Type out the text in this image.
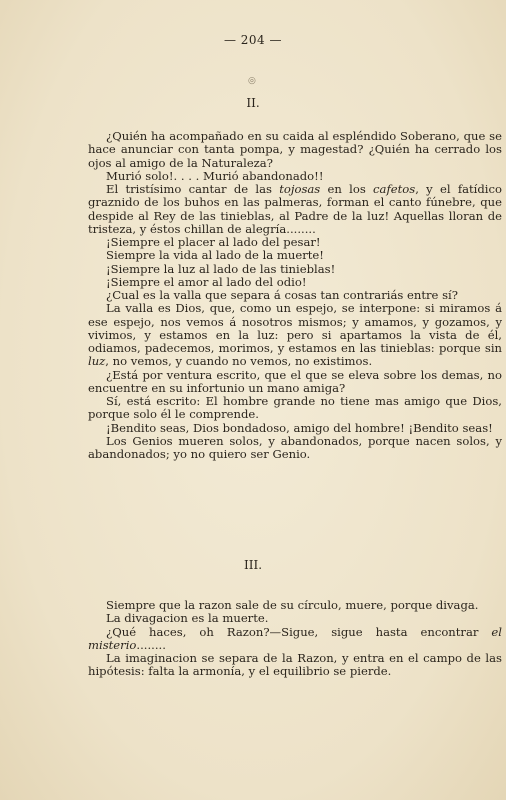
— 204 —
◎
II.

¿Quién ha acompañado en su caida al espléndido Soberano, que se hace anunciar con tanta pompa, y magestad? ¿Quién ha cerrado los ojos al amigo de la Naturaleza?

Murió solo!. . . . Murió abandonado!!

El tristísimo cantar de las tojosas en los cafetos, y el fatídico graznido de los buhos en las palmeras, forman el canto fúnebre, que despide al Rey de las tinieblas, al Padre de la luz! Aquellas lloran de tristeza, y éstos chillan de alegría........

¡Siempre el placer al lado del pesar!

Siempre la vida al lado de la muerte!

¡Siempre la luz al lado de las tinieblas!

¡Siempre el amor al lado del odio!

¿Cual es la valla que separa á cosas tan contrariás entre sí?

La valla es Dios, que, como un espejo, se interpone: si miramos á ese espejo, nos vemos á nosotros mismos; y amamos, y gozamos, y vivimos, y estamos en la luz: pero si apartamos la vista de él, odiamos, padecemos, morimos, y estamos en las tinieblas: porque sin luz, no vemos, y cuando no vemos, no existimos.

¿Está por ventura escrito, que el que se eleva sobre los demas, no encuentre en su infortunio un mano amiga?

Sí, está escrito: El hombre grande no tiene mas amigo que Dios, porque solo él le comprende.

¡Bendito seas, Dios bondadoso, amigo del hombre! ¡Bendito seas!

Los Genios mueren solos, y abandonados, porque nacen solos, y abandonados; yo no quiero ser Genio.

III.

Siempre que la razon sale de su círculo, muere, porque divaga.

La divagacion es la muerte.

¿Qué haces, oh Razon?—Sigue, sigue hasta encontrar el misterio........

La imaginacion se separa de la Razon, y entra en el campo de las hipótesis: falta la armonía, y el equilibrio se pierde.
